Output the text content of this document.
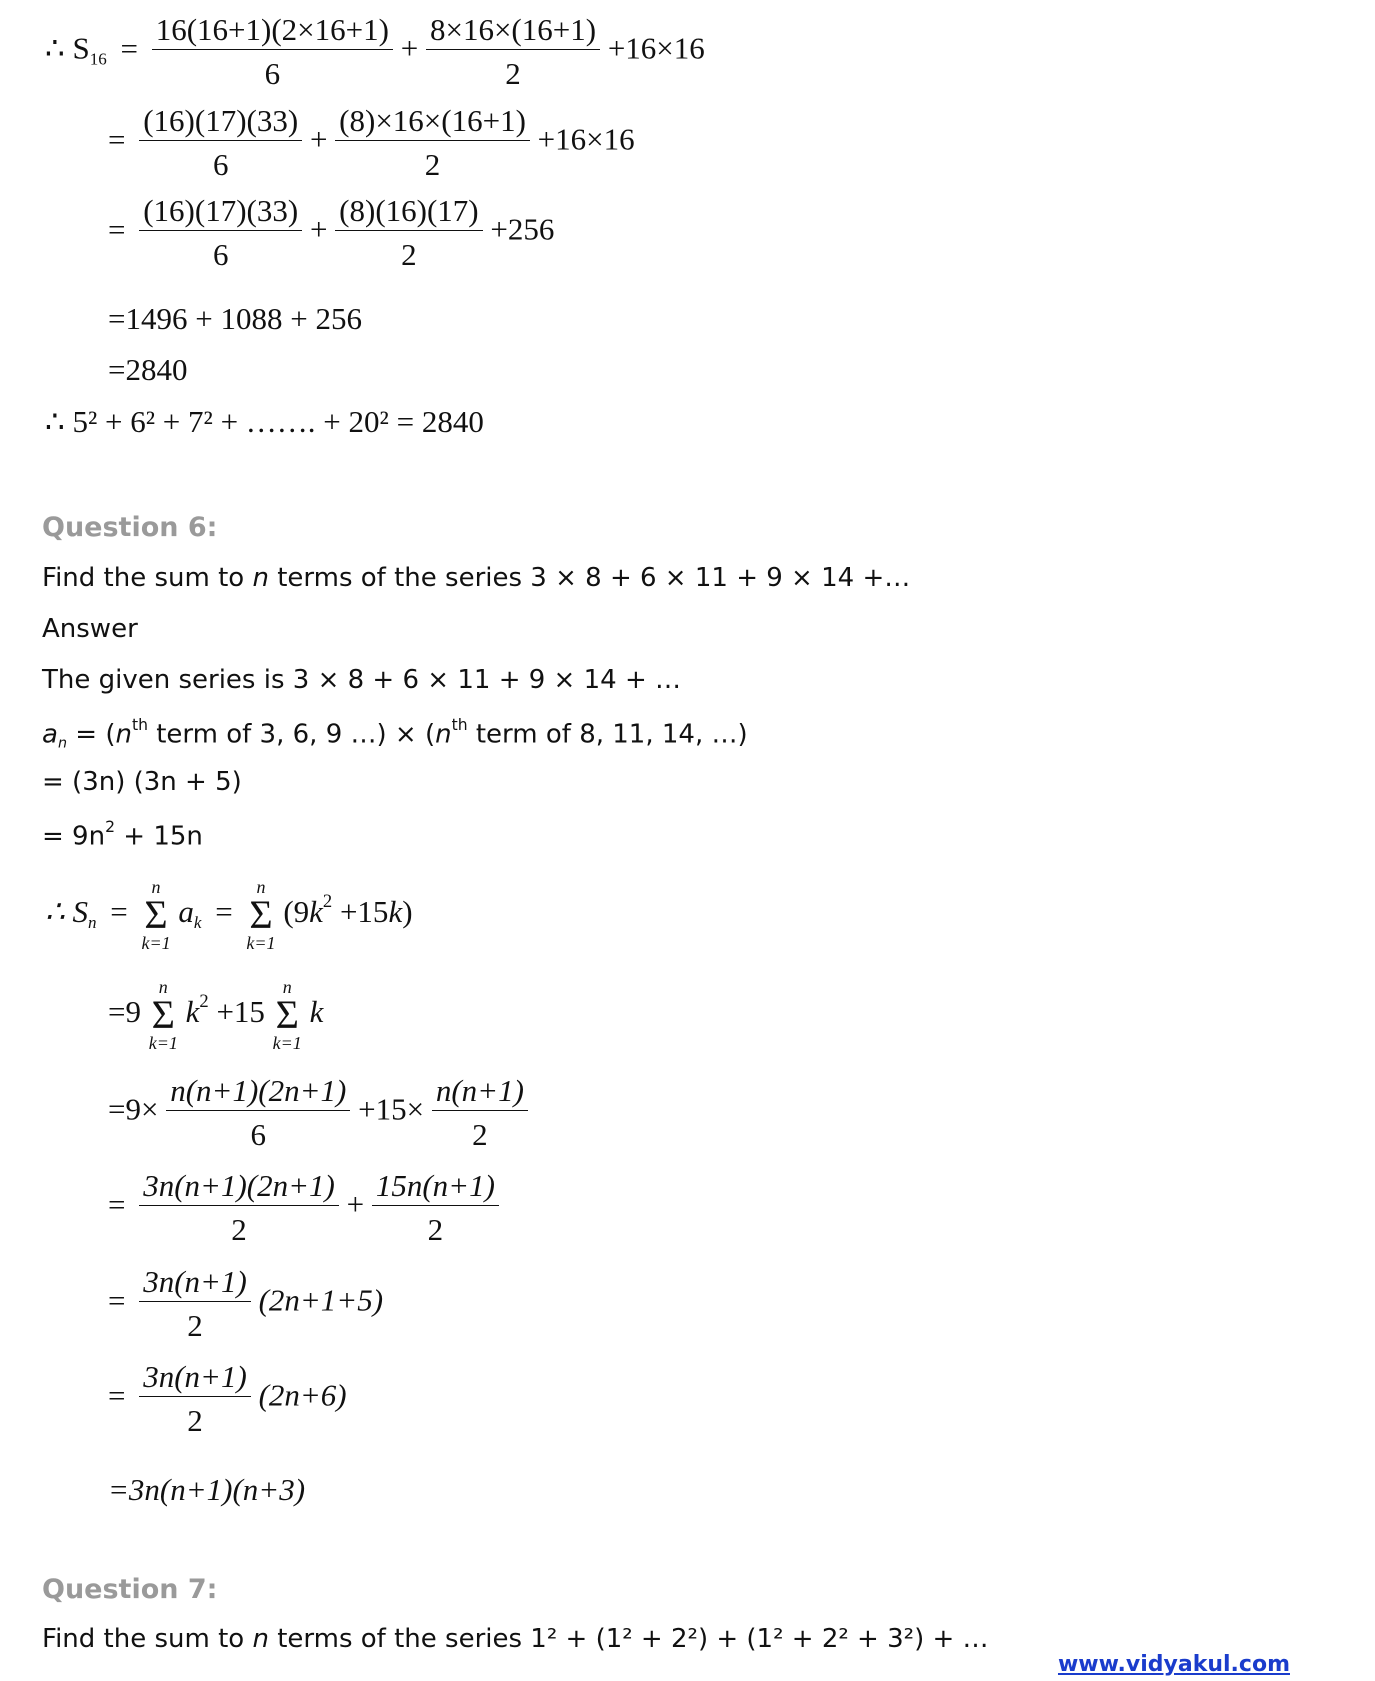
∴ $S_{16} = \frac{16(16+1)(2\times 16+1)}{6} + \frac{8\times 16\times(16+1)}{2} +16\times 16$
= $\frac{(16)(17)(33)}{6} + \frac{(8)\times 16\times(16+1)}{2} +16\times 16$
= $\frac{(16)(17)(33)}{6} + \frac{(8)(16)(17)}{2} +256$
=1496 + 1088 + 256
=2840
∴ 5² + 6² + 7² + ……. + 20² = 2840
Question 6:
Find the sum to n terms of the series 3 × 8 + 6 × 11 + 9 × 14 +…
Answer
The given series is 3 × 8 + 6 × 11 + 9 × 14 + …
$a_n = (n^{th}$ term of 3, 6, 9 …) × ($n^{th}$ term of 8, 11, 14, …)
= (3n) (3n + 5)
= $9n^2 + 15n$
∴ $S_n = n$
Σ
k=1 $a_k = n$
Σ
k=1 $(9k^2 +15k)$
=9 n
Σ
k=1 $k^2 +15$ n
Σ
k=1 k
$=9\times \frac{n(n+1)(2n+1)}{6} +15\times \frac{n(n+1)}{2}$
= $\frac{3n(n+1)(2n+1)}{2} + \frac{15n(n+1)}{2}$
= $\frac{3n(n+1)}{2} (2n+1+5)$
= $\frac{3n(n+1)}{2} (2n+6)$
=3n(n+1)(n+3)
Question 7:
Find the sum to n terms of the series 1² + (1² + 2²) + (1² + 2² + 3²) + …
www.vidyakul.com
